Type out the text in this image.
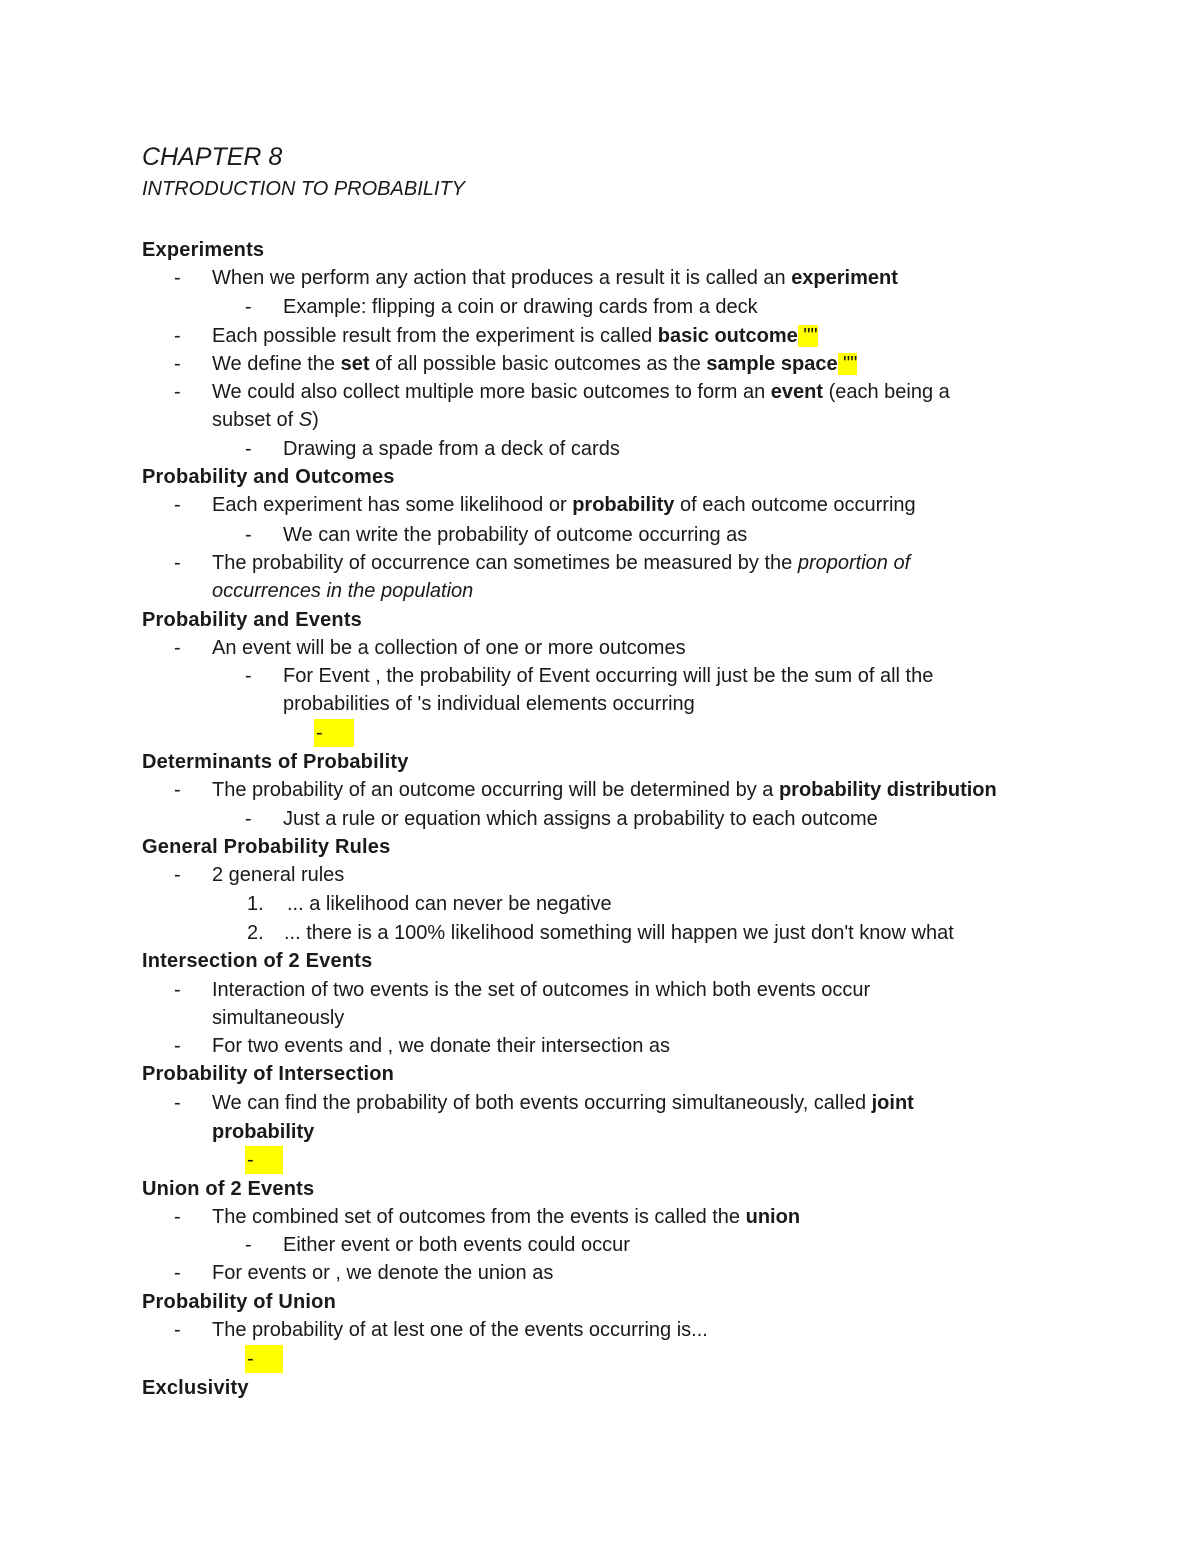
CHAPTER 8
INTRODUCTION TO PROBABILITY
Experiments
- When we perform any action that produces a result it is called an experiment
- Example: flipping a coin or drawing cards from a deck
- Each possible result from the experiment is called basic outcome ""
- We define the set of all possible basic outcomes as the sample space ""
- We could also collect multiple more basic outcomes to form an event (each being a
subset of S)
- Drawing a spade from a deck of cards
Probability and Outcomes
- Each experiment has some likelihood or probability of each outcome occurring
- We can write the probability of outcome occurring as
- The probability of occurrence can sometimes be measured by the proportion of
occurrences in the population
Probability and Events
- An event will be a collection of one or more outcomes
- For Event , the probability of Event occurring will just be the sum of all the
probabilities of 's individual elements occurring
-
Determinants of Probability
- The probability of an outcome occurring will be determined by a probability distribution
- Just a rule or equation which assigns a probability to each outcome
General Probability Rules
- 2 general rules
1. ... a likelihood can never be negative
2. ... there is a 100% likelihood something will happen we just don't know what
Intersection of 2 Events
- Interaction of two events is the set of outcomes in which both events occur
simultaneously
- For two events and , we donate their intersection as
Probability of Intersection
- We can find the probability of both events occurring simultaneously, called joint
probability
-
Union of 2 Events
- The combined set of outcomes from the events is called the union
- Either event or both events could occur
- For events or , we denote the union as
Probability of Union
- The probability of at lest one of the events occurring is...
-
Exclusivity
